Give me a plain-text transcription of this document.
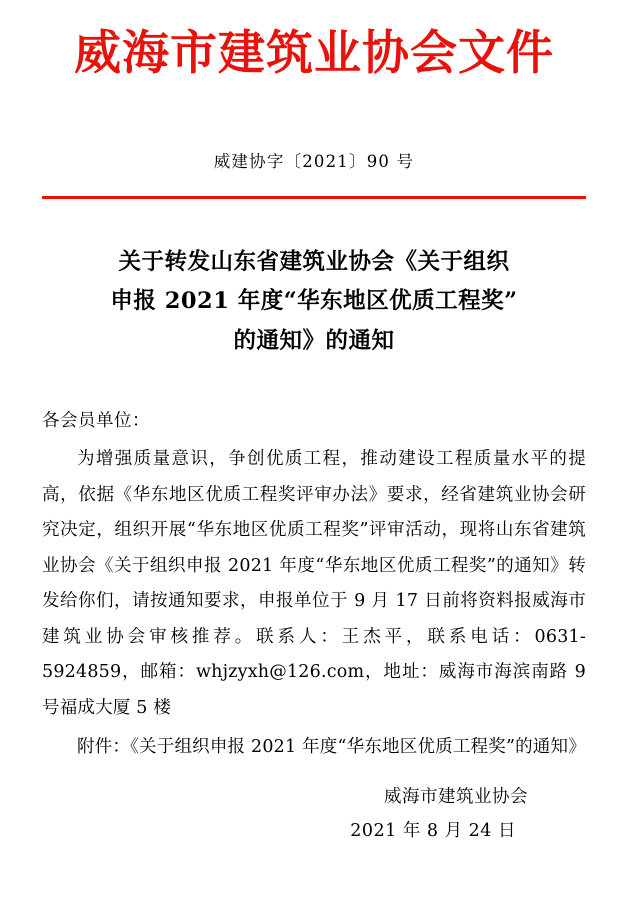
威海市建筑业协会文件
威建协字〔2021〕90 号
关于转发山东省建筑业协会《关于组织
申报 2021 年度“华东地区优质工程奖”
的通知》的通知
各会员单位：

为增强质量意识，争创优质工程，推动建设工程质量水平的提高，依据《华东地区优质工程奖评审办法》要求，经省建筑业协会研究决定，组织开展“华东地区优质工程奖”评审活动，现将山东省建筑业协会《关于组织申报 2021 年度“华东地区优质工程奖”的通知》转发给你们，请按通知要求，申报单位于 9 月 17 日前将资料报威海市建筑业协会审核推荐。联系人：王杰平，联系电话：0631-5924859，邮箱：whjzyxh@126.com，地址：威海市海滨南路 9 号福成大厦 5 楼

附件：《关于组织申报 2021 年度“华东地区优质工程奖”的通知》

威海市建筑业协会
2021 年 8 月 24 日
